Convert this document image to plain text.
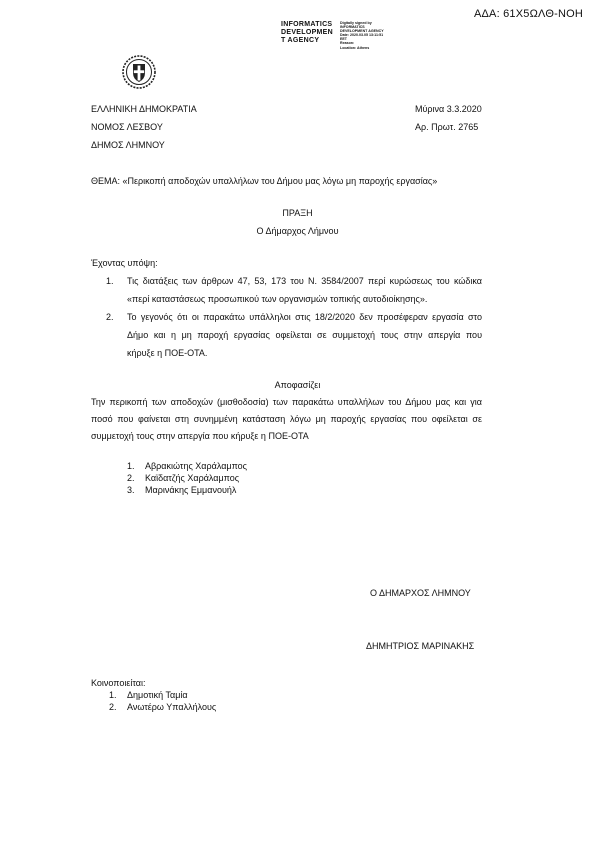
ΑΔΑ: 61Χ5ΩΛΘ-ΝΟΗ
INFORMATICS
DEVELOPMEN
T AGENCY
Digitally signed by
INFORMATICS
DEVELOPMENT AGENCY
Date: 2020.03.05 13:11:51
EET
Reason:
Location: Athens
ΕΛΛΗΝΙΚΗ ΔΗΜΟΚΡΑΤΙΑ
ΝΟΜΟΣ ΛΕΣΒΟΥ
ΔΗΜΟΣ ΛΗΜΝΟΥ
Μύρινα 3.3.2020
Αρ. Πρωτ. 2765
ΘΕΜΑ: «Περικοπή αποδοχών υπαλλήλων του Δήμου μας λόγω μη παροχής εργασίας»
ΠΡΑΞΗ
Ο Δήμαρχος Λήμνου
Έχοντας υπόψη:
1. Τις διατάξεις των άρθρων 47, 53, 173 του Ν. 3584/2007 περί κυρώσεως του κώδικα
«περί καταστάσεως προσωπικού των οργανισμών τοπικής αυτοδιοίκησης».
2. Το γεγονός ότι οι παρακάτω υπάλληλοι στις 18/2/2020 δεν προσέφεραν εργασία στο
Δήμο και η μη παροχή εργασίας οφείλεται σε συμμετοχή τους στην απεργία που
κήρυξε η ΠΟΕ-ΟΤΑ.
Αποφασίζει
Την περικοπή των αποδοχών (μισθοδοσία) των παρακάτω υπαλλήλων του Δήμου μας και για
ποσό που φαίνεται στη συνημμένη κατάσταση λόγω μη παροχής εργασίας που οφείλεται σε
συμμετοχή τους στην απεργία που κήρυξε η ΠΟΕ-ΟΤΑ
1. Αβρακιώτης Χαράλαμπος
2. Καϊδατζής Χαράλαμπος
3. Μαρινάκης Εμμανουήλ
Ο ΔΗΜΑΡΧΟΣ ΛΗΜΝΟΥ
ΔΗΜΗΤΡΙΟΣ ΜΑΡΙΝΑΚΗΣ
Κοινοποιείται:
1. Δημοτική Ταμία
2. Ανωτέρω Υπαλλήλους
